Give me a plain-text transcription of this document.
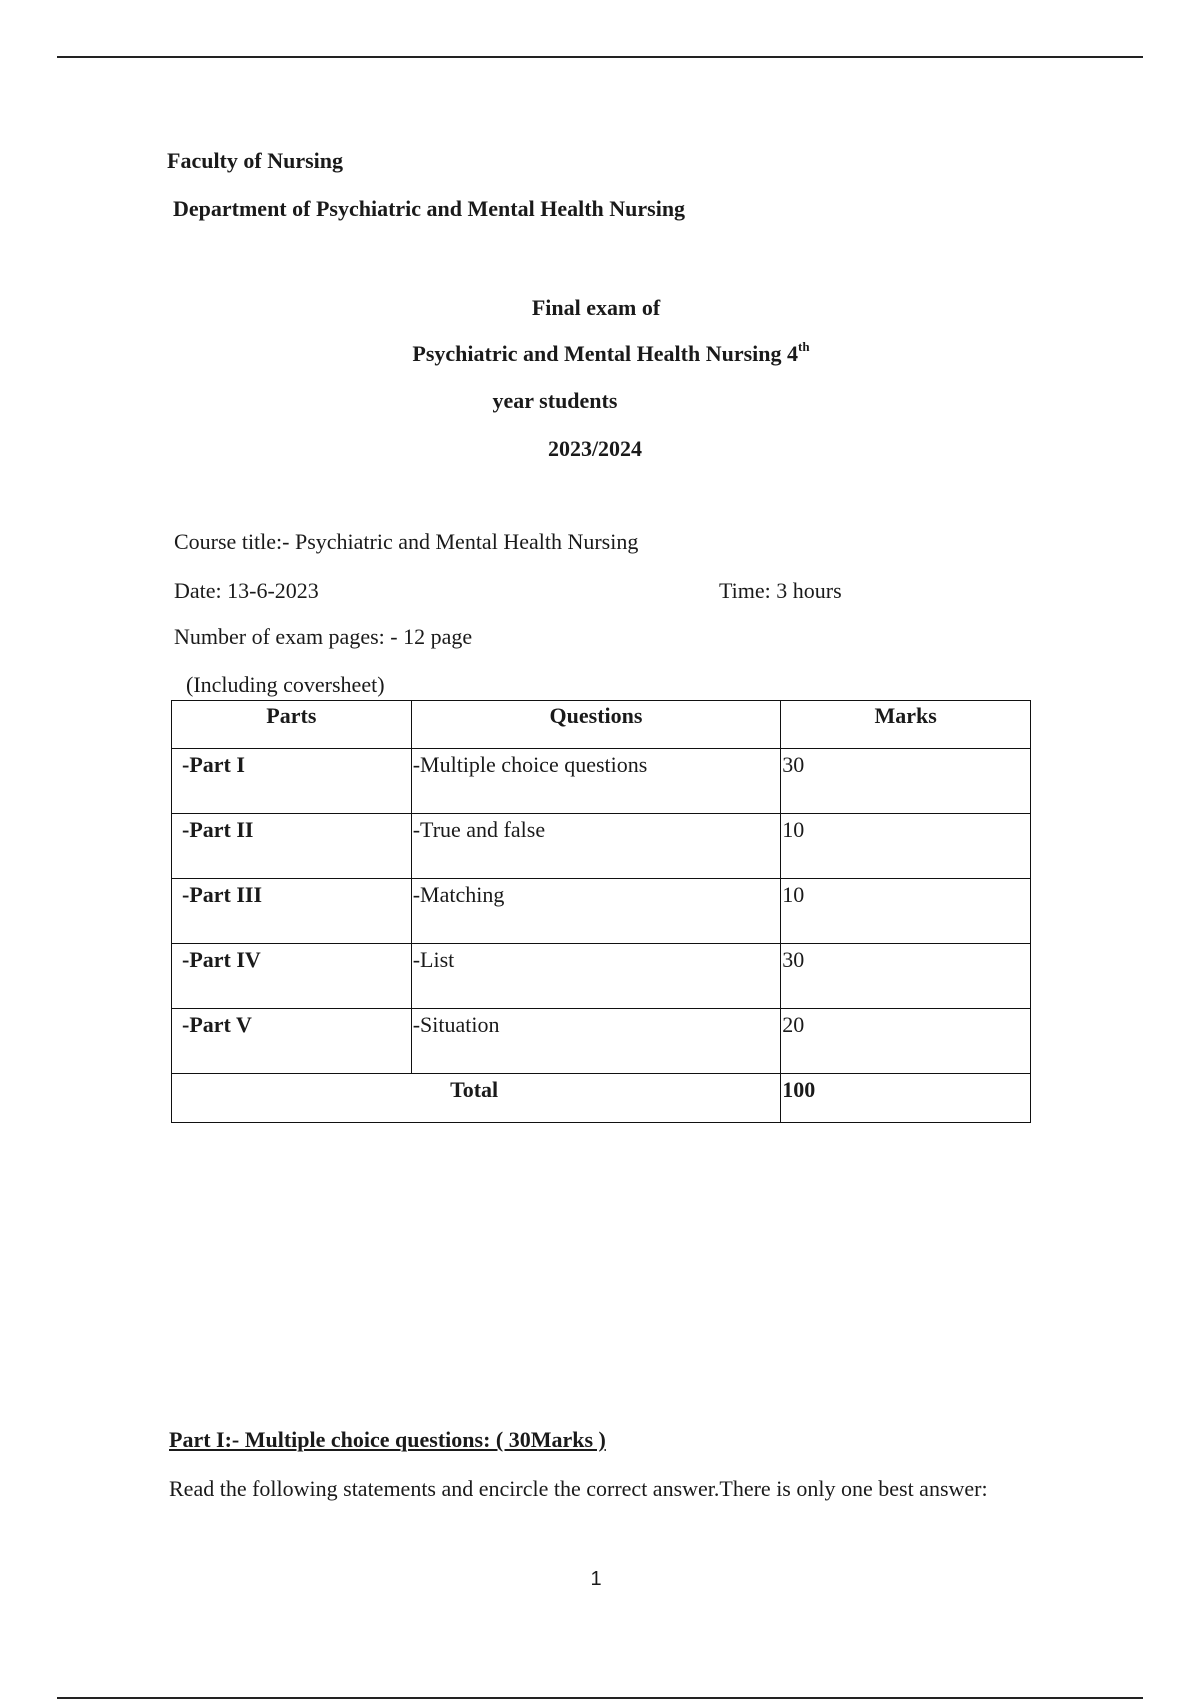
Faculty of Nursing
Department of Psychiatric and Mental Health Nursing
Final exam of
Psychiatric and Mental Health Nursing 4th
year students
2023/2024
Course title:- Psychiatric and Mental Health Nursing
Date: 13-6-2023	Time: 3 hours
Number of exam pages: - 12 page
(Including coversheet)
Parts	Questions	Marks
-Part I	-Multiple choice questions	30
-Part II	-True and false	10
-Part III	-Matching	10
-Part IV	-List	30
-Part V	-Situation	20
Total		100
Part I:- Multiple choice questions: ( 30Marks )
Read the following statements and encircle the correct answer.There is only one best answer:
1
